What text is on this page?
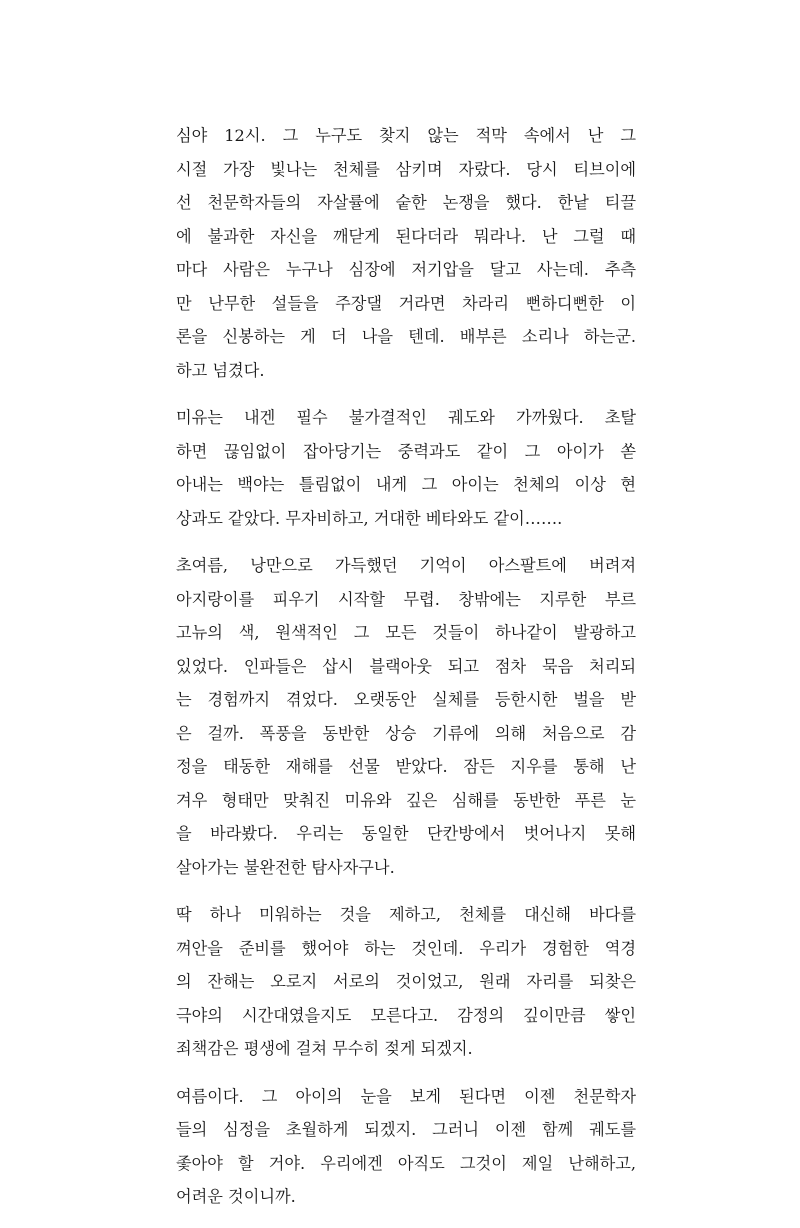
심야 12시. 그 누구도 찾지 않는 적막 속에서 난 그
시절 가장 빛나는 천체를 삼키며 자랐다. 당시 티브이에
선 천문학자들의 자살률에 숱한 논쟁을 했다. 한낱 티끌
에 불과한 자신을 깨닫게 된다더라 뭐라나. 난 그럴 때
마다 사람은 누구나 심장에 저기압을 달고 사는데. 추측
만 난무한 설들을 주장댈 거라면 차라리 뻔하디뻔한 이
론을 신봉하는 게 더 나을 텐데. 배부른 소리나 하는군.
하고 넘겼다.
미유는 내겐 필수 불가결적인 궤도와 가까웠다. 초탈
하면 끊임없이 잡아당기는 중력과도 같이 그 아이가 쏟
아내는 백야는 틀림없이 내게 그 아이는 천체의 이상 현
상과도 같았다. 무자비하고, 거대한 베타와도 같이…….
초여름, 낭만으로 가득했던 기억이 아스팔트에 버려져
아지랑이를 피우기 시작할 무렵. 창밖에는 지루한 부르
고뉴의 색, 원색적인 그 모든 것들이 하나같이 발광하고
있었다. 인파들은 삽시 블랙아웃 되고 점차 묵음 처리되
는 경험까지 겪었다. 오랫동안 실체를 등한시한 벌을 받
은 걸까. 폭풍을 동반한 상승 기류에 의해 처음으로 감
정을 태동한 재해를 선물 받았다. 잠든 지우를 통해 난
겨우 형태만 맞춰진 미유와 깊은 심해를 동반한 푸른 눈
을 바라봤다. 우리는 동일한 단칸방에서 벗어나지 못해
살아가는 불완전한 탐사자구나.
딱 하나 미워하는 것을 제하고, 천체를 대신해 바다를
껴안을 준비를 했어야 하는 것인데. 우리가 경험한 역경
의 잔해는 오로지 서로의 것이었고, 원래 자리를 되찾은
극야의 시간대였을지도 모른다고. 감정의 깊이만큼 쌓인
죄책감은 평생에 걸쳐 무수히 젖게 되겠지.
여름이다. 그 아이의 눈을 보게 된다면 이젠 천문학자
들의 심정을 초월하게 되겠지. 그러니 이젠 함께 궤도를
좇아야 할 거야. 우리에겐 아직도 그것이 제일 난해하고,
어려운 것이니까.
